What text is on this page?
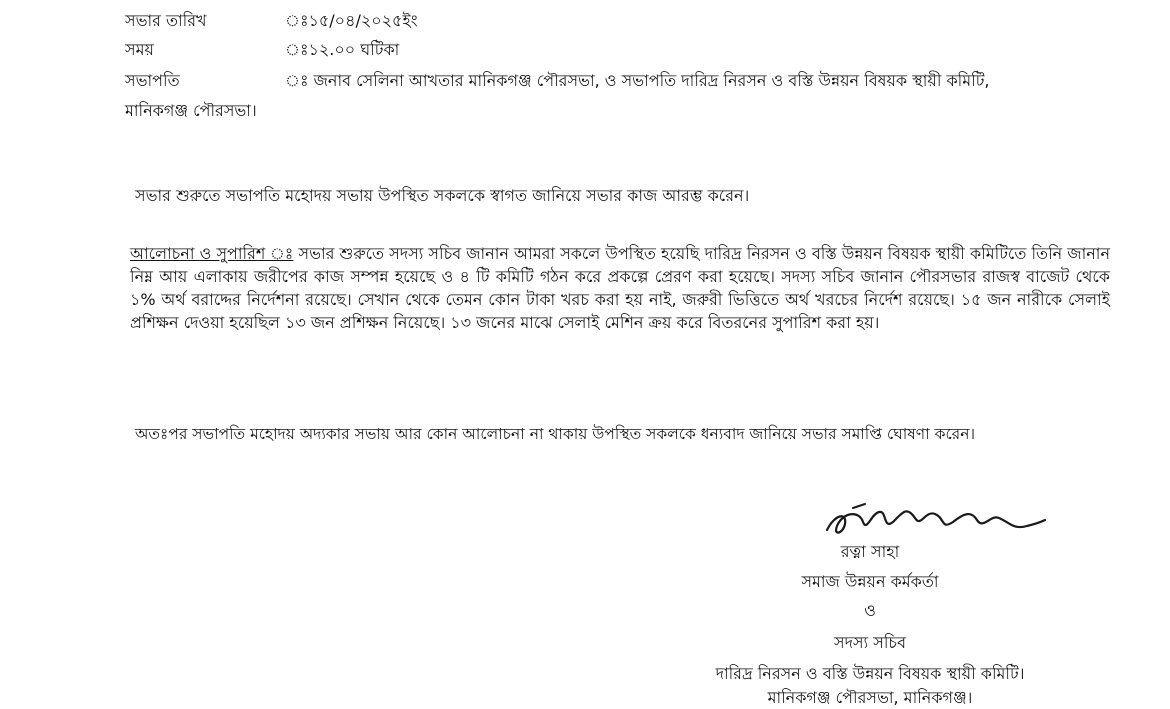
সভার তারিখ	ঃ১৫/০৪/২০২৫ইং
সময়	ঃ১২.০০ ঘটিকা
সভাপতি	ঃ জনাব সেলিনা আখতার মানিকগঞ্জ পৌরসভা, ও সভাপতি দারিদ্র নিরসন ও বস্তি উন্নয়ন বিষয়ক স্থায়ী কমিটি,
মানিকগঞ্জ পৌরসভা।

সভার শুরুতে সভাপতি মহোদয় সভায় উপস্থিত সকলকে স্বাগত জানিয়ে সভার কাজ আরম্ভ করেন।

আলোচনা ও সুপারিশ ঃ সভার শুরুতে সদস্য সচিব জানান আমরা সকলে উপস্থিত হয়েছি দারিদ্র নিরসন ও বস্তি উন্নয়ন বিষয়ক স্থায়ী কমিটিতে তিনি জানান নিম্ন আয় এলাকায় জরীপের কাজ সম্পন্ন হয়েছে ও ৪ টি কমিটি গঠন করে প্রকল্পে প্রেরণ করা হয়েছে। সদস্য সচিব জানান পৌরসভার রাজস্ব বাজেট থেকে ১% অর্থ বরাদ্দের নির্দেশনা রয়েছে। সেখান থেকে তেমন কোন টাকা খরচ করা হয় নাই, জরুরী ভিত্তিতে অর্থ খরচের নির্দেশ রয়েছে। ১৫ জন নারীকে সেলাই প্রশিক্ষন দেওয়া হয়েছিল ১৩ জন প্রশিক্ষন নিয়েছে। ১৩ জনের মাঝে সেলাই মেশিন ক্রয় করে বিতরনের সুপারিশ করা হয়।

অতঃপর সভাপতি মহোদয় অদ্যকার সভায় আর কোন আলোচনা না থাকায় উপস্থিত সকলকে ধন্যবাদ জানিয়ে সভার সমাপ্তি ঘোষণা করেন।

রত্না সাহা
সমাজ উন্নয়ন কর্মকর্তা
ও
সদস্য সচিব
দারিদ্র নিরসন ও বস্তি উন্নয়ন বিষয়ক স্থায়ী কমিটি।
মানিকগঞ্জ পৌরসভা, মানিকগঞ্জ।
